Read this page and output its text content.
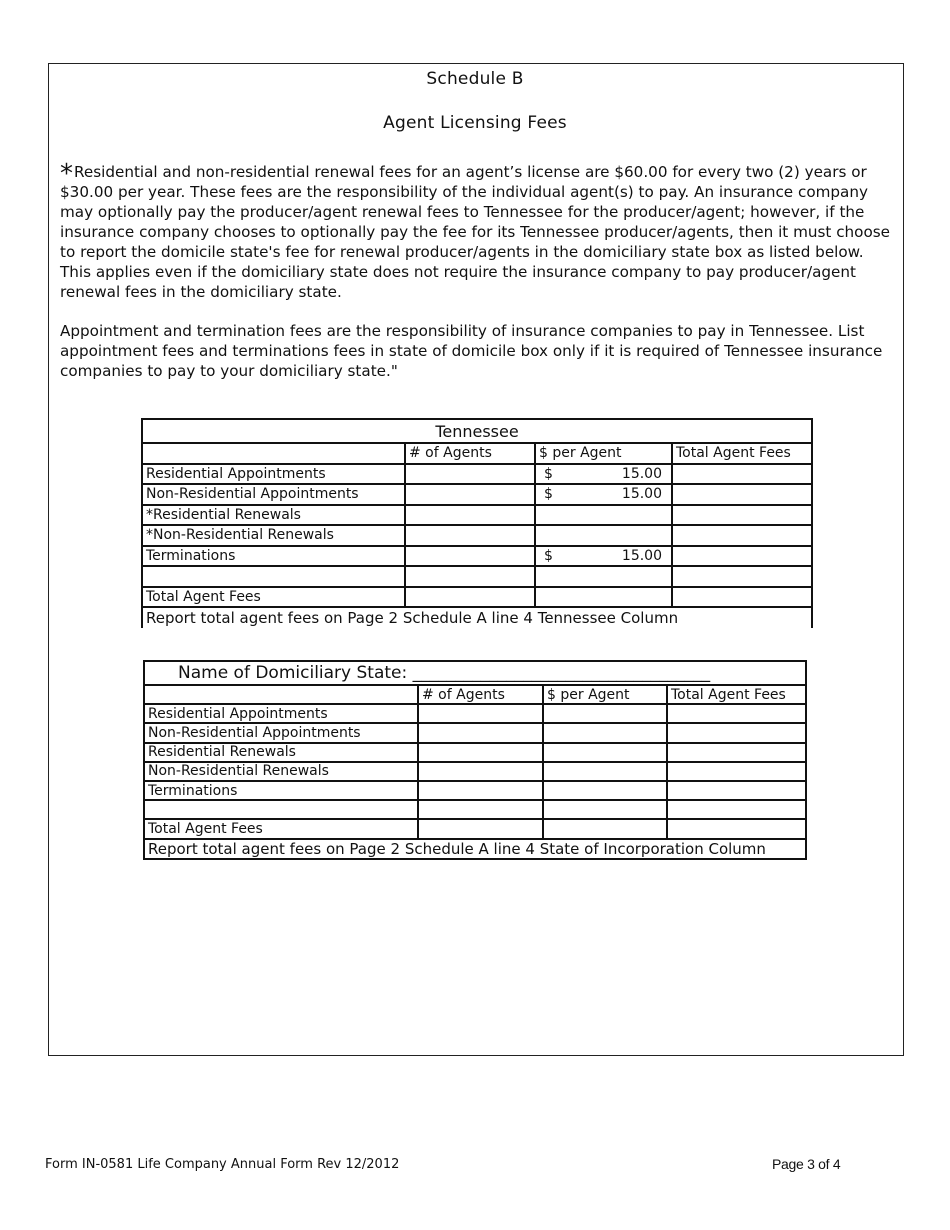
Schedule B
Agent Licensing Fees
*Residential and non-residential renewal fees for an agent’s license are $60.00 for every two (2) years or $30.00 per year. These fees are the responsibility of the individual agent(s) to pay. An insurance company may optionally pay the producer/agent renewal fees to Tennessee for the producer/agent; however, if the insurance company chooses to optionally pay the fee for its Tennessee producer/agents, then it must choose to report the domicile state's fee for renewal producer/agents in the domiciliary state box as listed below. This applies even if the domiciliary state does not require the insurance company to pay producer/agent renewal fees in the domiciliary state.
Appointment and termination fees are the responsibility of insurance companies to pay in Tennessee. List appointment fees and terminations fees in state of domicile box only if it is required of Tennessee insurance companies to pay to your domiciliary state."
Tennessee			
	# of Agents	$ per Agent	Total Agent Fees
Residential Appointments		$ 15.00	

Non-Residential Appointments		$ 15.00	

*Residential Renewals		

*Non-Residential Renewals		

Terminations		$ 15.00	

Total Agent Fees		

Report total agent fees on Page 2 Schedule A line 4 Tennessee Column			
Name of Domiciliary State: ___________________________________			
	# of Agents	$ per Agent	Total Agent Fees
Residential Appointments			
Non-Residential Appointments			
Residential Renewals			
Non-Residential Renewals			
Terminations			

Total Agent Fees			
Report total agent fees on Page 2 Schedule A line 4 State of Incorporation Column			
Form IN-0581 Life Company Annual Form Rev 12/2012	Page 3 of 4
